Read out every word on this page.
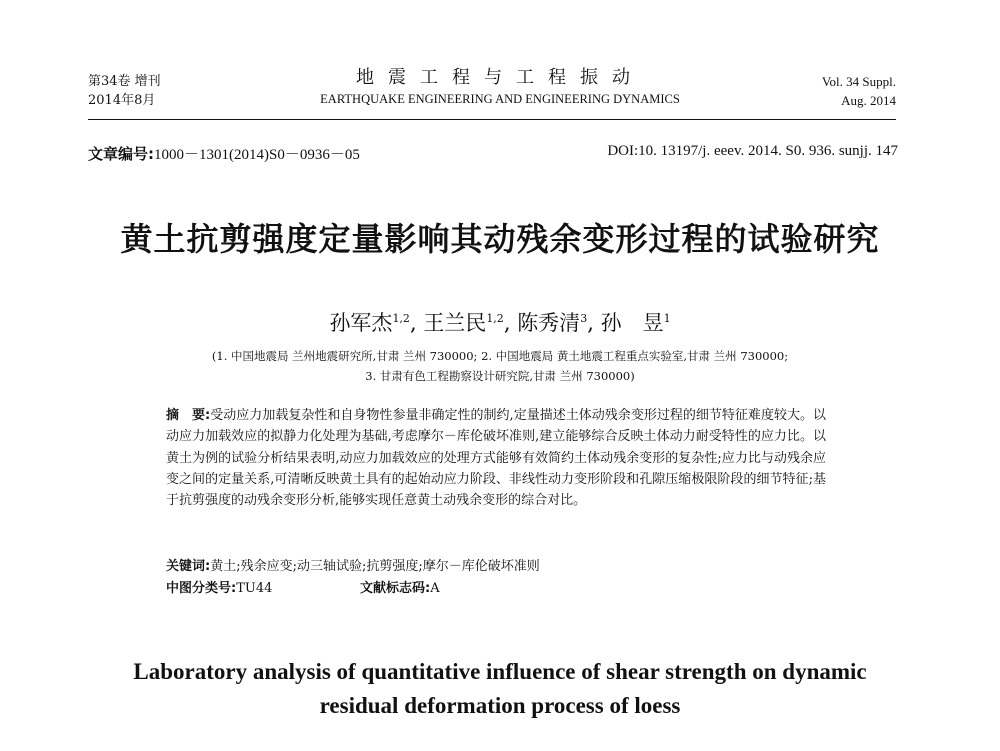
第34卷 增刊
2014年8月
地震工程与工程振动
EARTHQUAKE ENGINEERING AND ENGINEERING DYNAMICS
Vol. 34 Suppl.
Aug. 2014
文章编号:1000－1301(2014)S0－0936－05	DOI:10. 13197/j. eeev. 2014. S0. 936. sunjj. 147
黄土抗剪强度定量影响其动残余变形过程的试验研究
孙军杰$^{1,2}$, 王兰民$^{1,2}$, 陈秀清$^3$, 孙　昱$^1$
(1. 中国地震局 兰州地震研究所,甘肃 兰州 730000; 2. 中国地震局 黄土地震工程重点实验室,甘肃 兰州 730000;
3. 甘肃有色工程勘察设计研究院,甘肃 兰州 730000)
摘　要:受动应力加载复杂性和自身物性参量非确定性的制约,定量描述土体动残余变形过程的细节特征难度较大。以动应力加载效应的拟静力化处理为基础,考虑摩尔－库伦破坏准则,建立能够综合反映土体动力耐受特性的应力比。以黄土为例的试验分析结果表明,动应力加载效应的处理方式能够有效简约土体动残余变形的复杂性;应力比与动残余应变之间的定量关系,可清晰反映黄土具有的起始动应力阶段、非线性动力变形阶段和孔隙压缩极限阶段的细节特征;基于抗剪强度的动残余变形分析,能够实现任意黄土动残余变形的综合对比。
关键词:黄土;残余应变;动三轴试验;抗剪强度;摩尔－库伦破坏准则
中图分类号:TU44	文献标志码:A
Laboratory analysis of quantitative influence of shear strength on dynamic
residual deformation process of loess
